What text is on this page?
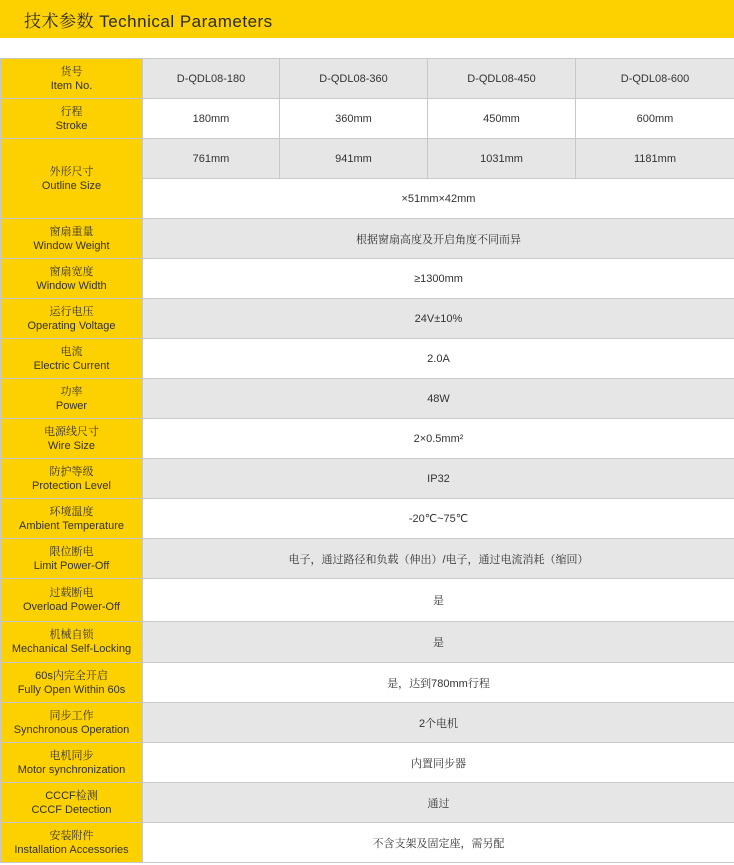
技术参数 Technical Parameters
货号
Item No.	D-QDL08-180	D-QDL08-360	D-QDL08-450	D-QDL08-600

行程
Stroke	180mm	360mm	450mm	600mm

外形尺寸
Outline Size	761mm	941mm	1031mm	1181mm
	×51mm×42mm			

窗扇重量
Window Weight	根据窗扇高度及开启角度不同而异			

窗扇宽度
Window Width	≥1300mm			

运行电压
Operating Voltage	24V±10%			

电流
Electric Current	2.0A			

功率
Power	48W			

电源线尺寸
Wire Size	2×0.5mm²			

防护等级
Protection Level	IP32			

环境温度
Ambient Temperature	-20℃~75℃			

限位断电
Limit Power-Off	电子，通过路径和负载（伸出）/电子，通过电流消耗（缩回）			

过载断电
Overload Power-Off	是			

机械自锁
Mechanical Self-Locking	是			

60s内完全开启
Fully Open Within 60s	是，达到780mm行程			

同步工作
Synchronous Operation	2个电机			

电机同步
Motor synchronization	内置同步器			

CCCF检测
CCCF Detection	通过			

安装附件
Installation Accessories	不含支架及固定座，需另配			
